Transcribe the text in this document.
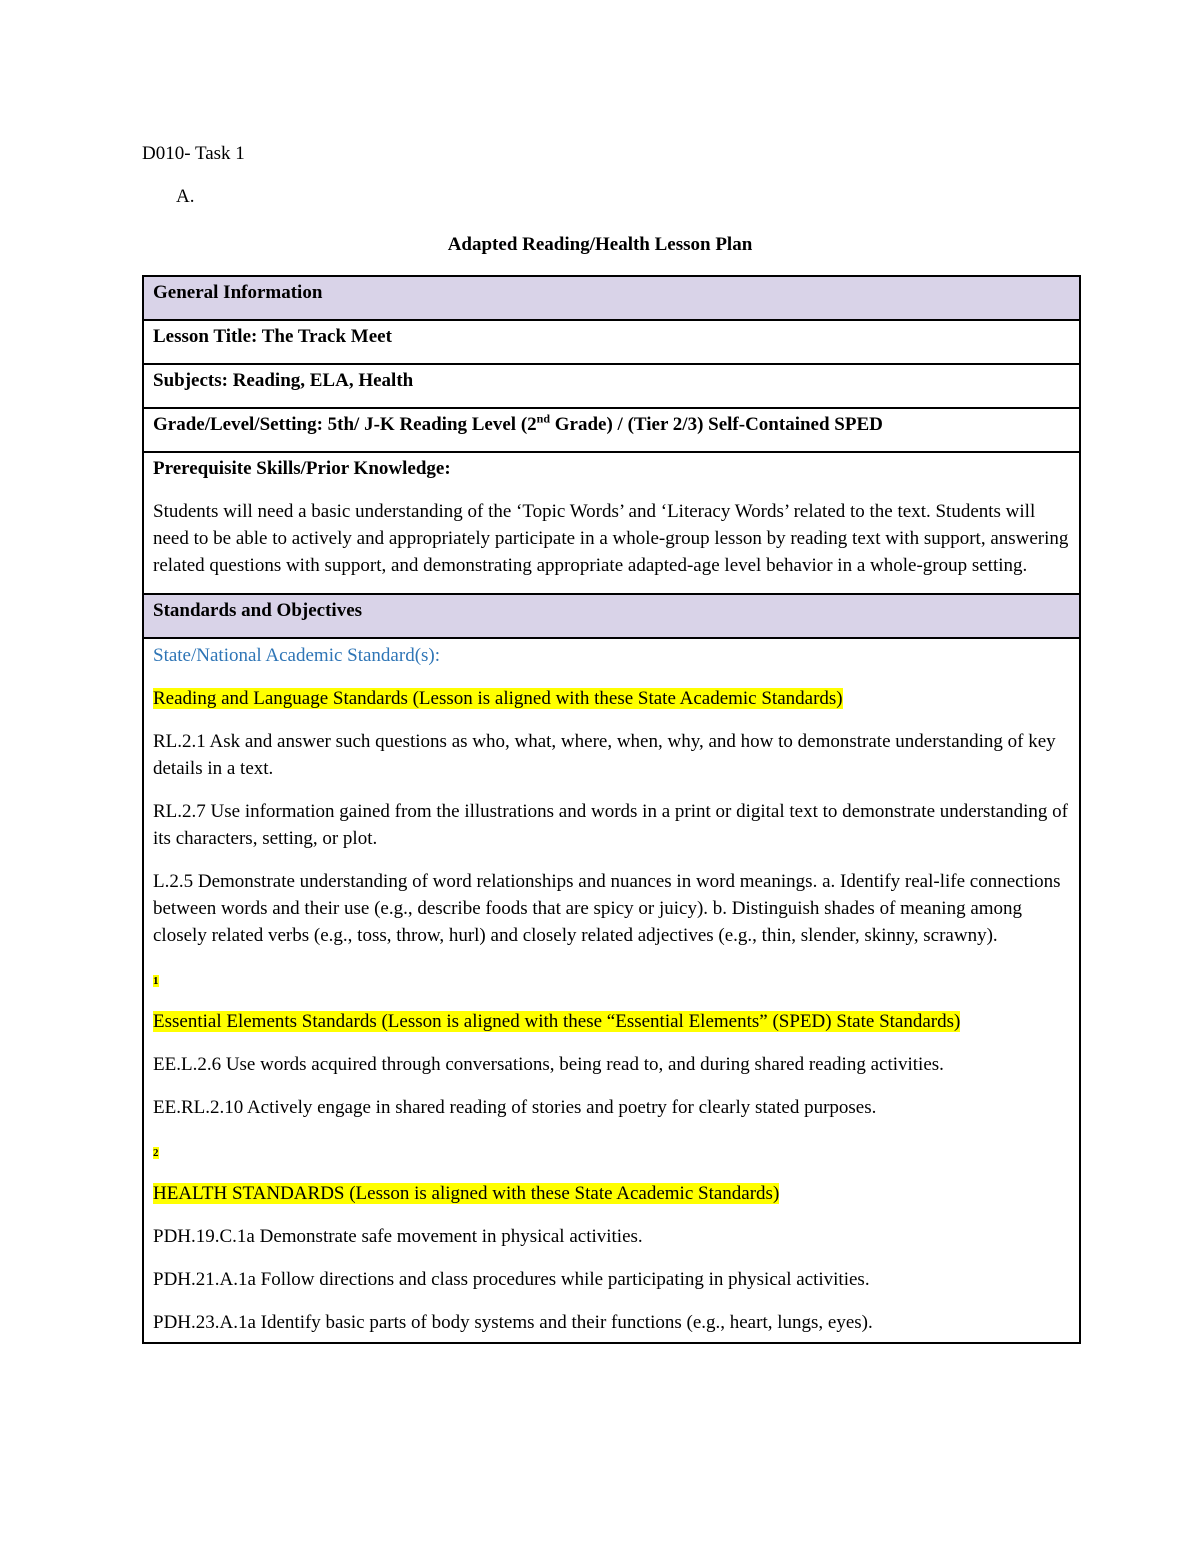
D010- Task 1
A.
Adapted Reading/Health Lesson Plan
General Information
Lesson Title: The Track Meet
Subjects: Reading, ELA, Health
Grade/Level/Setting: 5th/ J-K Reading Level (2nd Grade) / (Tier 2/3) Self-Contained SPED
Prerequisite Skills/Prior Knowledge:

Students will need a basic understanding of the ‘Topic Words’ and ‘Literacy Words’ related to the text. Students will need to be able to actively and appropriately participate in a whole-group lesson by reading text with support, answering related questions with support, and demonstrating appropriate adapted-age level behavior in a whole-group setting.

Standards and Objectives

State/National Academic Standard(s):

Reading and Language Standards (Lesson is aligned with these State Academic Standards)

RL.2.1 Ask and answer such questions as who, what, where, when, why, and how to demonstrate understanding of key details in a text.

RL.2.7 Use information gained from the illustrations and words in a print or digital text to demonstrate understanding of its characters, setting, or plot.

L.2.5 Demonstrate understanding of word relationships and nuances in word meanings. a. Identify real-life connections between words and their use (e.g., describe foods that are spicy or juicy). b. Distinguish shades of meaning among closely related verbs (e.g., toss, throw, hurl) and closely related adjectives (e.g., thin, slender, skinny, scrawny).

1

Essential Elements Standards (Lesson is aligned with these “Essential Elements” (SPED) State Standards)

EE.L.2.6 Use words acquired through conversations, being read to, and during shared reading activities.

EE.RL.2.10 Actively engage in shared reading of stories and poetry for clearly stated purposes.

2

HEALTH STANDARDS (Lesson is aligned with these State Academic Standards)

PDH.19.C.1a Demonstrate safe movement in physical activities.

PDH.21.A.1a Follow directions and class procedures while participating in physical activities.

PDH.23.A.1a Identify basic parts of body systems and their functions (e.g., heart, lungs, eyes).
